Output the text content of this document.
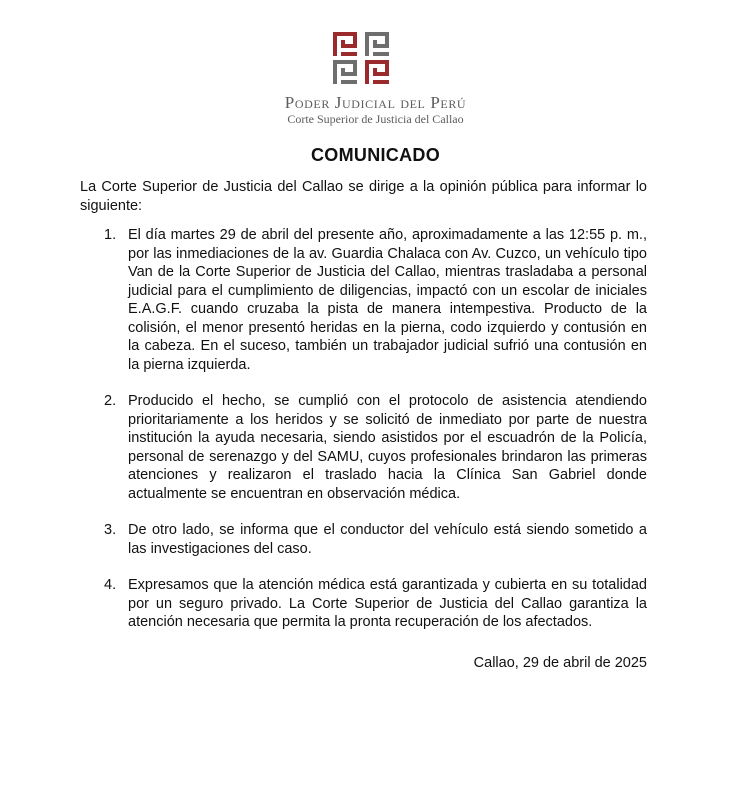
Poder Judicial del Perú
Corte Superior de Justicia del Callao
COMUNICADO

La Corte Superior de Justicia del Callao se dirige a la opinión pública para informar lo siguiente:

1. El día martes 29 de abril del presente año, aproximadamente a las 12:55 p. m., por las inmediaciones de la av. Guardia Chalaca con Av. Cuzco, un vehículo tipo Van de la Corte Superior de Justicia del Callao, mientras trasladaba a personal judicial para el cumplimiento de diligencias, impactó con un escolar de iniciales E.A.G.F. cuando cruzaba la pista de manera intempestiva. Producto de la colisión, el menor presentó heridas en la pierna, codo izquierdo y contusión en la cabeza. En el suceso, también un trabajador judicial sufrió una contusión en la pierna izquierda.
2. Producido el hecho, se cumplió con el protocolo de asistencia atendiendo prioritariamente a los heridos y se solicitó de inmediato por parte de nuestra institución la ayuda necesaria, siendo asistidos por el escuadrón de la Policía, personal de serenazgo y del SAMU, cuyos profesionales brindaron las primeras atenciones y realizaron el traslado hacia la Clínica San Gabriel donde actualmente se encuentran en observación médica.
3. De otro lado, se informa que el conductor del vehículo está siendo sometido a las investigaciones del caso.
4. Expresamos que la atención médica está garantizada y cubierta en su totalidad por un seguro privado. La Corte Superior de Justicia del Callao garantiza la atención necesaria que permita la pronta recuperación de los afectados.
Callao, 29 de abril de 2025
